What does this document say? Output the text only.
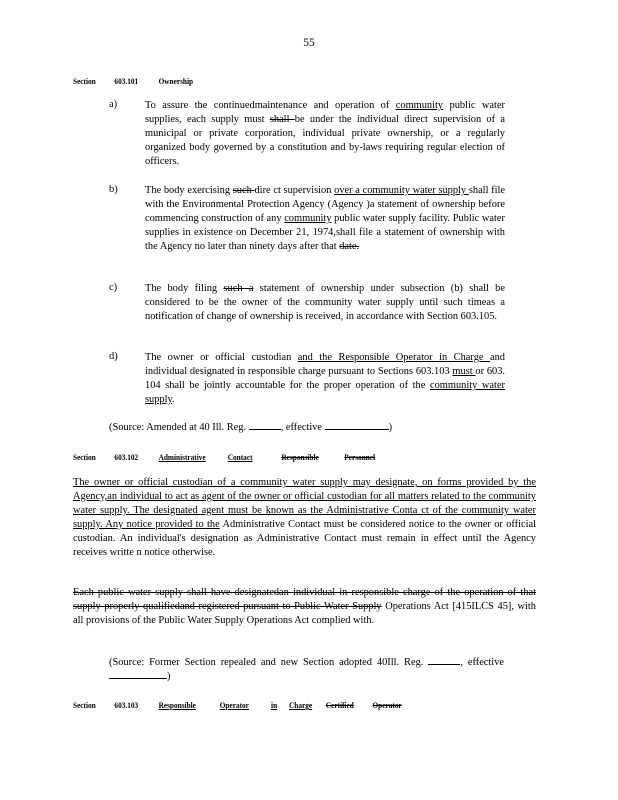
55
Section 603.101 Ownership
a)	To assure the continuedmaintenance and operation of community public water supplies, each supply must shall be under the individual direct supervision of a municipal or private corporation, individual private ownership, or a regularly organized body governed by a constitution and by-laws requiring regular election of officers.
b)	The body exercising such dire ct supervision over a community water supply shall file with the Environmental Protection Agency (Agency )a statement of ownership before commencing construction of any community public water supply facility. Public water supplies in existence on December 21, 1974,shall file a statement of ownership with the Agency no later than ninety days after that date.
c)	The body filing such a statement of ownership under subsection (b) shall be considered to be the owner of the community water supply until such timeas a notification of change of ownership is received, in accordance with Section 603.105.
d)	The owner or official custodian and the Responsible Operator in Charge and individual designated in responsible charge pursuant to Sections 603.103 must or 603. 104 shall be jointly accountable for the proper operation of the community water supply.
(Source: Amended at 40 Ill. Reg.	, effective	)
Section 603.102 Administrative	Contact	Responsible	Personnel
The owner or official custodian of a community water supply may designate, on forms provided by the Agency,an individual to act as agent of the owner or official custodian for all matters related to the community water supply. The designated agent must be known as the Administrative Conta ct of the community water supply. Any notice provided to the Administrative Contact must be considered notice to the owner or official custodian. An individual's designation as Administrative Contact must remain in effect until the Agency receives writte n notice otherwise.
Each public water supply shall have designatedan individual in responsible charge of the operation of that supply properly qualifiedand registered pursuant to Public Water Supply Operations Act [415ILCS 45], with all provisions of the Public Water Supply Operations Act complied with.
(Source: Former Section repealed and new Section adopted 40Ill. Reg.	, effective )
Section 603.103 Responsible	Operator	in Charge Certified Operator
